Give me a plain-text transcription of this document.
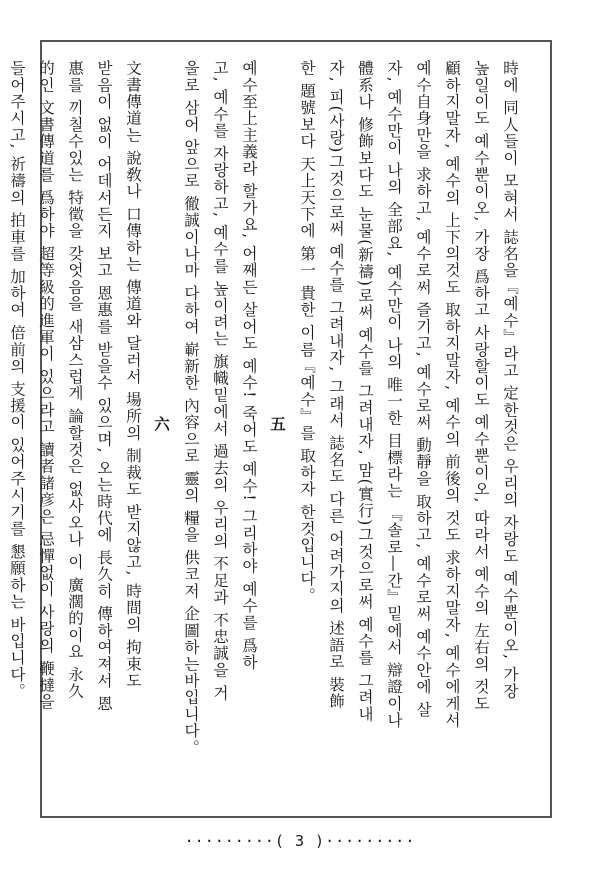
時에 同人들이 모혀서 誌名을『예수』라고 定한것은 우리의 자랑도 예수뿐이오, 가장

높일이도 예수뿐이오, 가장 爲하고 사랑할이도 예수뿐이오, 따라서 예수의 左右의 것도

顧하지말자, 예수의 上下의것도 取하지말자, 예수의 前後의 것도 求하지말자, 예수에게서

예수自身만을 求하고, 예수로써 즐기고, 예수로써 動靜을 取하고, 예수로써 예수안에 살

자, 예수만이 나의 全部요, 예수만이 나의 唯一한 目標라는 『솔로―간』밑에서 辯證이나

體系나 修飾보다도 눈물(新禱)로써 예수를 그려내자, 맘(實行)그것으로써 예수를 그려내

자, 피(사랑)그것으로써 예수를 그려내자, 그래서 誌名도 다른 어려가지의 述語로 裝飾

한 題號보다 天上天下에 第一 貴한 이름『예수』를 取하자 한것입니다。

五

예수至上主義라 할가요, 어째든 살어도 예수! 죽어도 예수! 그리하야 예수를 爲하

고, 예수를 자랑하고, 예수를 높이려는 旗幟밑에서 過去의 우리의 不足과 不忠誠을 거

울로 삼어 앞으로 徹誠이나마 다하여 嶄新한 內容으로 靈의 糧을 供코저 企圖하는바입니다。

六

文書傳道는 說敎나 口傳하는 傳道와 달러서 場所의 制裁도 받지않고, 時間의 拘束도

받음이 없이 어데서든지 보고 恩惠를 받을수 있으며, 오는時代에 長久히 傳하여져서 恩

惠를 끼칠수있는 特徵을 갖엇음을 새삼스럽게 論할것은 없사오나 이 廣濶的이요 永久

的인 文書傳道를 爲하야 超等級的進軍이 있으라고 讀者諸彦은 忌憚없이 사랑의 鞭撻을

들어주시고, 祈禱의 拍車를 加하여 倍前의 支援이 있어주시기를 懇願하는 바입니다。

·········( 3 )·········
